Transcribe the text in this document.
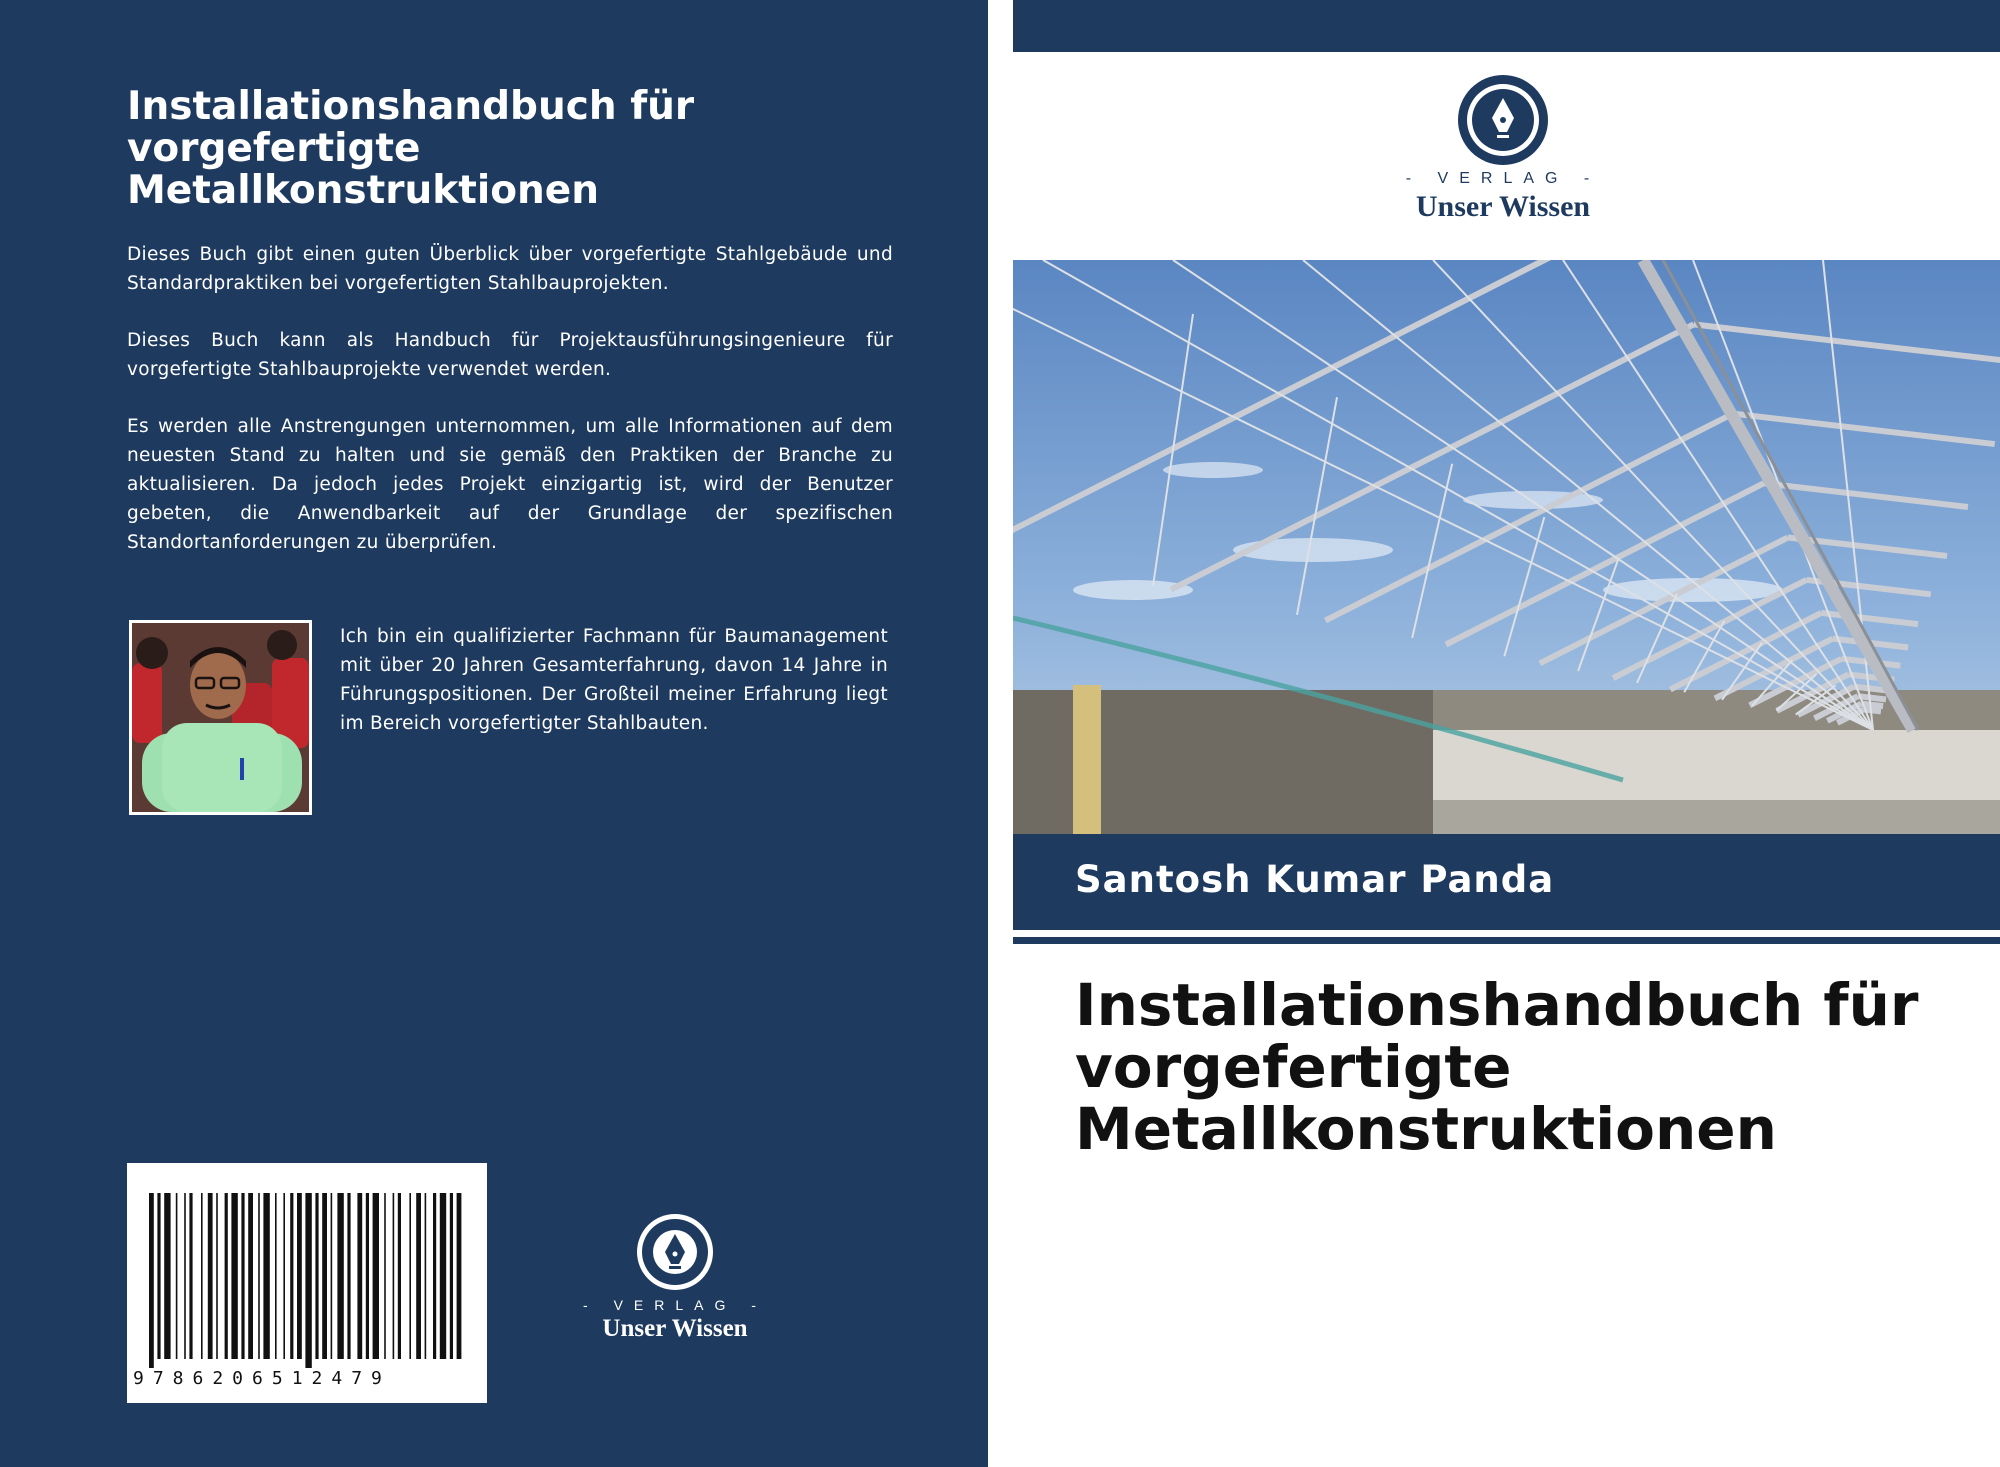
Installationshandbuch für vorgefertigte Metallkonstruktionen

Dieses Buch gibt einen guten Überblick über vorgefertigte Stahlgebäude und Standardpraktiken bei vorgefertigten Stahlbauprojekten.

Dieses Buch kann als Handbuch für Projektausführungsingenieure für vorgefertigte Stahlbauprojekte verwendet werden.

Es werden alle Anstrengungen unternommen, um alle Informationen auf dem neuesten Stand zu halten und sie gemäß den Praktiken der Branche zu aktualisieren. Da jedoch jedes Projekt einzigartig ist, wird der Benutzer gebeten, die Anwendbarkeit auf der Grundlage der spezifischen Standortanforderungen zu überprüfen.

Ich bin ein qualifizierter Fachmann für Baumanagement mit über 20 Jahren Gesamterfahrung, davon 14 Jahre in Führungspositionen. Der Großteil meiner Erfahrung liegt im Bereich vorgefertigter Stahlbauten.

9786206512479
- VERLAG -
Unser Wissen
- VERLAG -
Unser Wissen
Santosh Kumar Panda
Installationshandbuch für vorgefertigte Metallkonstruktionen
